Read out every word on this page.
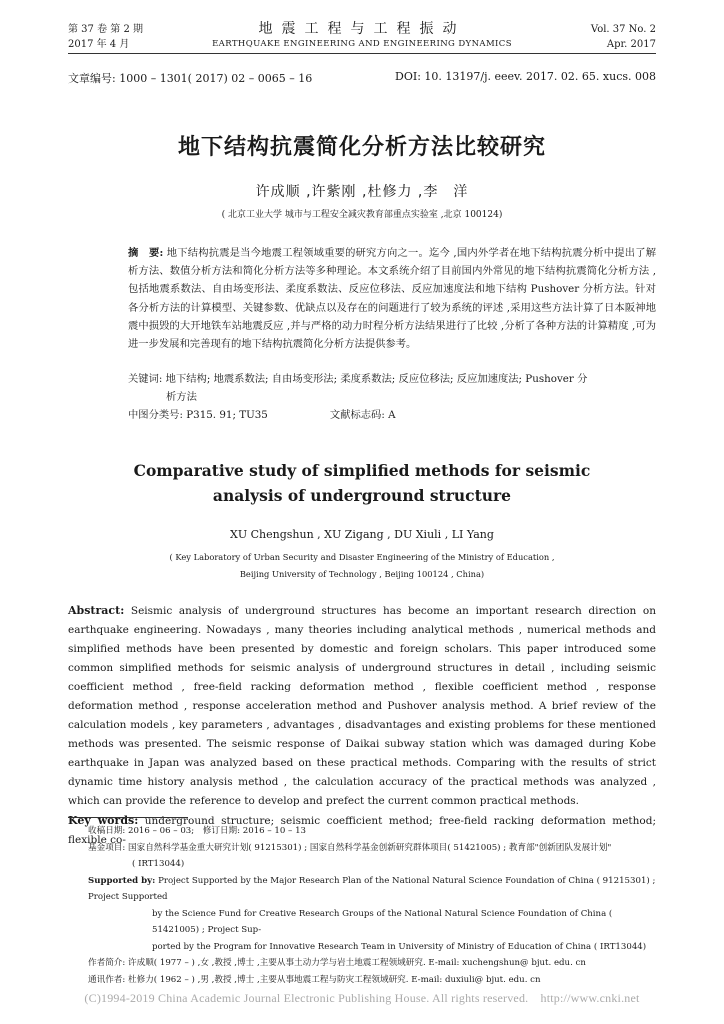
第 37 卷 第 2 期
2017 年 4 月
地震工程与工程振动
EARTHQUAKE ENGINEERING AND ENGINEERING DYNAMICS
Vol. 37 No. 2
Apr. 2017
文章编号: 1000 – 1301( 2017) 02 – 0065 – 16	DOI: 10. 13197/j. eeev. 2017. 02. 65. xucs. 008
地下结构抗震简化分析方法比较研究
许成顺 ,许紫刚 ,杜修力 ,李　洋
( 北京工业大学 城市与工程安全减灾教育部重点实验室 ,北京 100124)
摘　要: 地下结构抗震是当今地震工程领域重要的研究方向之一。迄今 ,国内外学者在地下结构抗震分析中提出了解析方法、数值分析方法和简化分析方法等多种理论。本文系统介绍了目前国内外常见的地下结构抗震简化分析方法 ,包括地震系数法、自由场变形法、柔度系数法、反应位移法、反应加速度法和地下结构 Pushover 分析方法。针对各分析方法的计算模型、关键参数、优缺点以及存在的问题进行了较为系统的评述 ,采用这些方法计算了日本阪神地震中损毁的大开地铁车站地震反应 ,并与严格的动力时程分析方法结果进行了比较 ,分析了各种方法的计算精度 ,可为进一步发展和完善现有的地下结构抗震简化分析方法提供参考。
关键词: 地下结构; 地震系数法; 自由场变形法; 柔度系数法; 反应位移法; 反应加速度法; Pushover 分
析方法
中图分类号: P315. 91; TU35	文献标志码: A
Comparative study of simplified methods for seismic
analysis of underground structure
XU Chengshun , XU Zigang , DU Xiuli , LI Yang
( Key Laboratory of Urban Security and Disaster Engineering of the Ministry of Education ,
Beijing University of Technology , Beijing 100124 , China)
Abstract: Seismic analysis of underground structures has become an important research direction on earthquake engineering. Nowadays , many theories including analytical methods , numerical methods and simplified methods have been presented by domestic and foreign scholars. This paper introduced some common simplified methods for seismic analysis of underground structures in detail , including seismic coefficient method , free-field racking deformation method , flexible coefficient method , response deformation method , response acceleration method and Pushover analysis method. A brief review of the calculation models , key parameters , advantages , disadvantages and existing problems for these mentioned methods was presented. The seismic response of Daikai subway station which was damaged during Kobe earthquake in Japan was analyzed based on these practical methods. Comparing with the results of strict dynamic time history analysis method , the calculation accuracy of the practical methods was analyzed , which can provide the reference to develop and prefect the current common practical methods.
Key words: underground structure; seismic coefficient method; free-field racking deformation method; flexible co-
收稿日期: 2016 – 06 – 03;　修订日期: 2016 – 10 – 13
基金项目: 国家自然科学基金重大研究计划( 91215301) ; 国家自然科学基金创新研究群体项目( 51421005) ; 教育部"创新团队发展计划"
( IRT13044)
Supported by: Project Supported by the Major Research Plan of the National Natural Science Foundation of China ( 91215301) ; Project Supported
by the Science Fund for Creative Research Groups of the National Natural Science Foundation of China ( 51421005) ; Project Sup-
ported by the Program for Innovative Research Team in University of Ministry of Education of China ( IRT13044)
作者简介: 许成顺( 1977 – ) ,女 ,教授 ,博士 ,主要从事土动力学与岩土地震工程领域研究. E-mail: xuchengshun@ bjut. edu. cn
通讯作者: 杜修力( 1962 – ) ,男 ,教授 ,博士 ,主要从事地震工程与防灾工程领域研究. E-mail: duxiuli@ bjut. edu. cn
(C)1994-2019 China Academic Journal Electronic Publishing House. All rights reserved.　http://www.cnki.net
